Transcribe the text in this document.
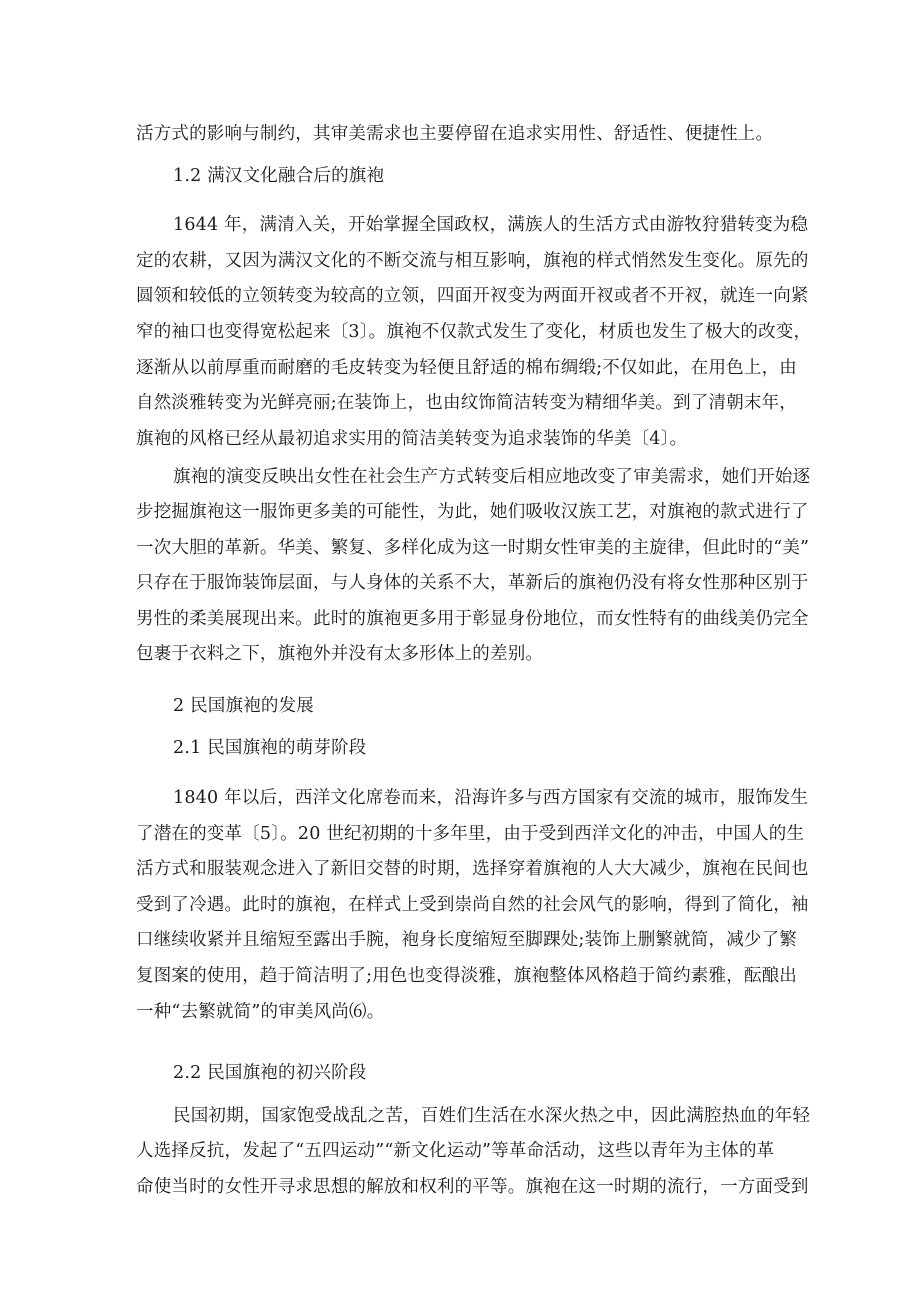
活方式的影响与制约，其审美需求也主要停留在追求实用性、舒适性、便捷性上。
1.2 满汉文化融合后的旗袍
1644 年，满清入关，开始掌握全国政权，满族人的生活方式由游牧狩猎转变为稳
定的农耕，又因为满汉文化的不断交流与相互影响，旗袍的样式悄然发生变化。原先的
圆领和较低的立领转变为较高的立领，四面开衩变为两面开衩或者不开衩，就连一向紧
窄的袖口也变得宽松起来〔3〕。旗袍不仅款式发生了变化，材质也发生了极大的改变，
逐渐从以前厚重而耐磨的毛皮转变为轻便且舒适的棉布绸缎;不仅如此，在用色上，由
自然淡雅转变为光鲜亮丽;在装饰上，也由纹饰简洁转变为精细华美。到了清朝末年，
旗袍的风格已经从最初追求实用的简洁美转变为追求装饰的华美〔4〕。
旗袍的演变反映出女性在社会生产方式转变后相应地改变了审美需求，她们开始逐
步挖掘旗袍这一服饰更多美的可能性，为此，她们吸收汉族工艺，对旗袍的款式进行了
一次大胆的革新。华美、繁复、多样化成为这一时期女性审美的主旋律，但此时的“美”
只存在于服饰装饰层面，与人身体的关系不大，革新后的旗袍仍没有将女性那种区别于
男性的柔美展现出来。此时的旗袍更多用于彰显身份地位，而女性特有的曲线美仍完全
包裹于衣料之下，旗袍外并没有太多形体上的差别。
2 民国旗袍的发展
2.1 民国旗袍的萌芽阶段
1840 年以后，西洋文化席卷而来，沿海许多与西方国家有交流的城市，服饰发生
了潜在的变革〔5〕。20 世纪初期的十多年里，由于受到西洋文化的冲击，中国人的生
活方式和服装观念进入了新旧交替的时期，选择穿着旗袍的人大大减少，旗袍在民间也
受到了冷遇。此时的旗袍，在样式上受到崇尚自然的社会风气的影响，得到了简化，袖
口继续收紧并且缩短至露出手腕，袍身长度缩短至脚踝处;装饰上删繁就简，减少了繁
复图案的使用，趋于简洁明了;用色也变得淡雅，旗袍整体风格趋于简约素雅，酝酿出
一种“去繁就简”的审美风尚⑹。
2.2 民国旗袍的初兴阶段
民国初期，国家饱受战乱之苦，百姓们生活在水深火热之中，因此满腔热血的年轻
人选择反抗，发起了“五四运动”“新文化运动”等革命活动，这些以青年为主体的革
命使当时的女性开寻求思想的解放和权利的平等。旗袍在这一时期的流行，一方面受到
